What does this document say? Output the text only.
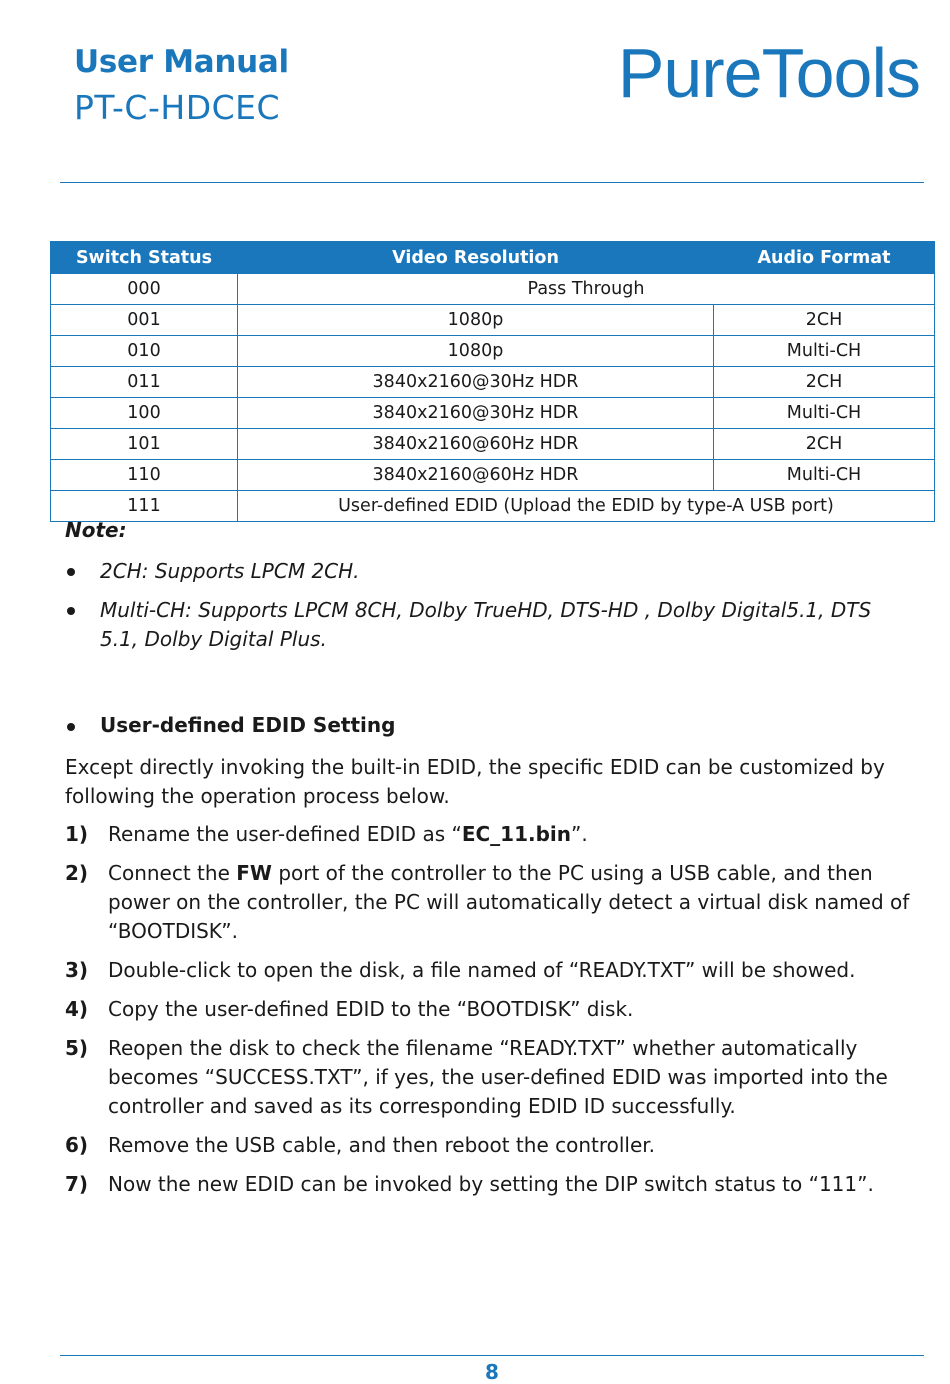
User Manual
PT-C-HDCEC	PureTools
Switch Status	Video Resolution	Audio Format
000	Pass Through	
001	1080p	2CH
010	1080p	Multi-CH
011	3840x2160@30Hz HDR	2CH
100	3840x2160@30Hz HDR	Multi-CH
101	3840x2160@60Hz HDR	2CH
110	3840x2160@60Hz HDR	Multi-CH
111	User-defined EDID (Upload the EDID by type-A USB port)	
Note:
2CH: Supports LPCM 2CH.
Multi-CH: Supports LPCM 8CH, Dolby TrueHD, DTS-HD , Dolby Digital5.1, DTS 5.1, Dolby Digital Plus.
User-defined EDID Setting
Except directly invoking the built-in EDID, the specific EDID can be customized by following the operation process below.
1) Rename the user-defined EDID as “EC_11.bin”.
2) Connect the FW port of the controller to the PC using a USB cable, and then power on the controller, the PC will automatically detect a virtual disk named of “BOOTDISK”.
3) Double-click to open the disk, a file named of “READY.TXT” will be showed.
4) Copy the user-defined EDID to the “BOOTDISK” disk.
5) Reopen the disk to check the filename “READY.TXT” whether automatically becomes “SUCCESS.TXT”, if yes, the user-defined EDID was imported into the controller and saved as its corresponding EDID ID successfully.
6) Remove the USB cable, and then reboot the controller.
7) Now the new EDID can be invoked by setting the DIP switch status to “111”.
8
